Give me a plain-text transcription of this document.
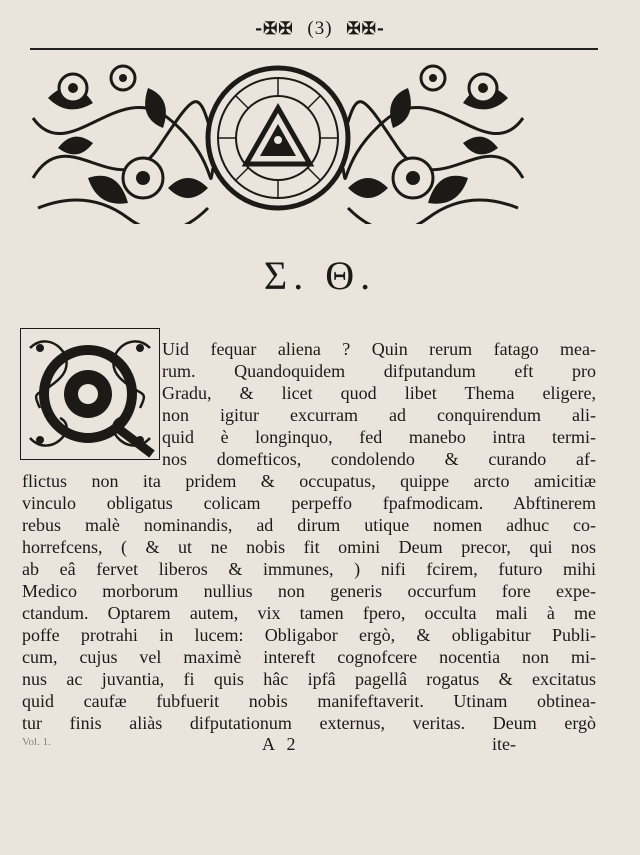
-✠✠ (3) ✠✠-
Σ. Θ.
Uid fequar aliena ? Quin rerum fatago mea-
rum. Quandoquidem difputandum eft pro
Gradu, & licet quod libet Thema eligere,
non igitur excurram ad conquirendum ali-
quid è longinquo, fed manebo intra termi-
nos domefticos, condolendo & curando af-
flictus non ita pridem & occupatus, quippe arcto amicitiæ
vinculo obligatus colicam perpeffo fpafmodicam. Abftinerem
rebus malè nominandis, ad dirum utique nomen adhuc co-
horrefcens, ( & ut ne nobis fit omini Deum precor, qui nos
ab eâ fervet liberos & immunes, ) nifi fcirem, futuro mihi
Medico morborum nullius non generis occurfum fore expe-
ctandum. Optarem autem, vix tamen fpero, occulta mali à me
poffe protrahi in lucem: Obligabor ergò, & obligabitur Publi-
cum, cujus vel maximè intereft cognofcere nocentia non mi-
nus ac juvantia, fi quis hâc ipfâ pagellâ rogatus & excitatus
quid caufæ fubfuerit nobis manifeftaverit. Utinam obtinea-
tur finis aliàs difputationum externus, veritas. Deum ergò
Vol. 1.	A 2	ite-
